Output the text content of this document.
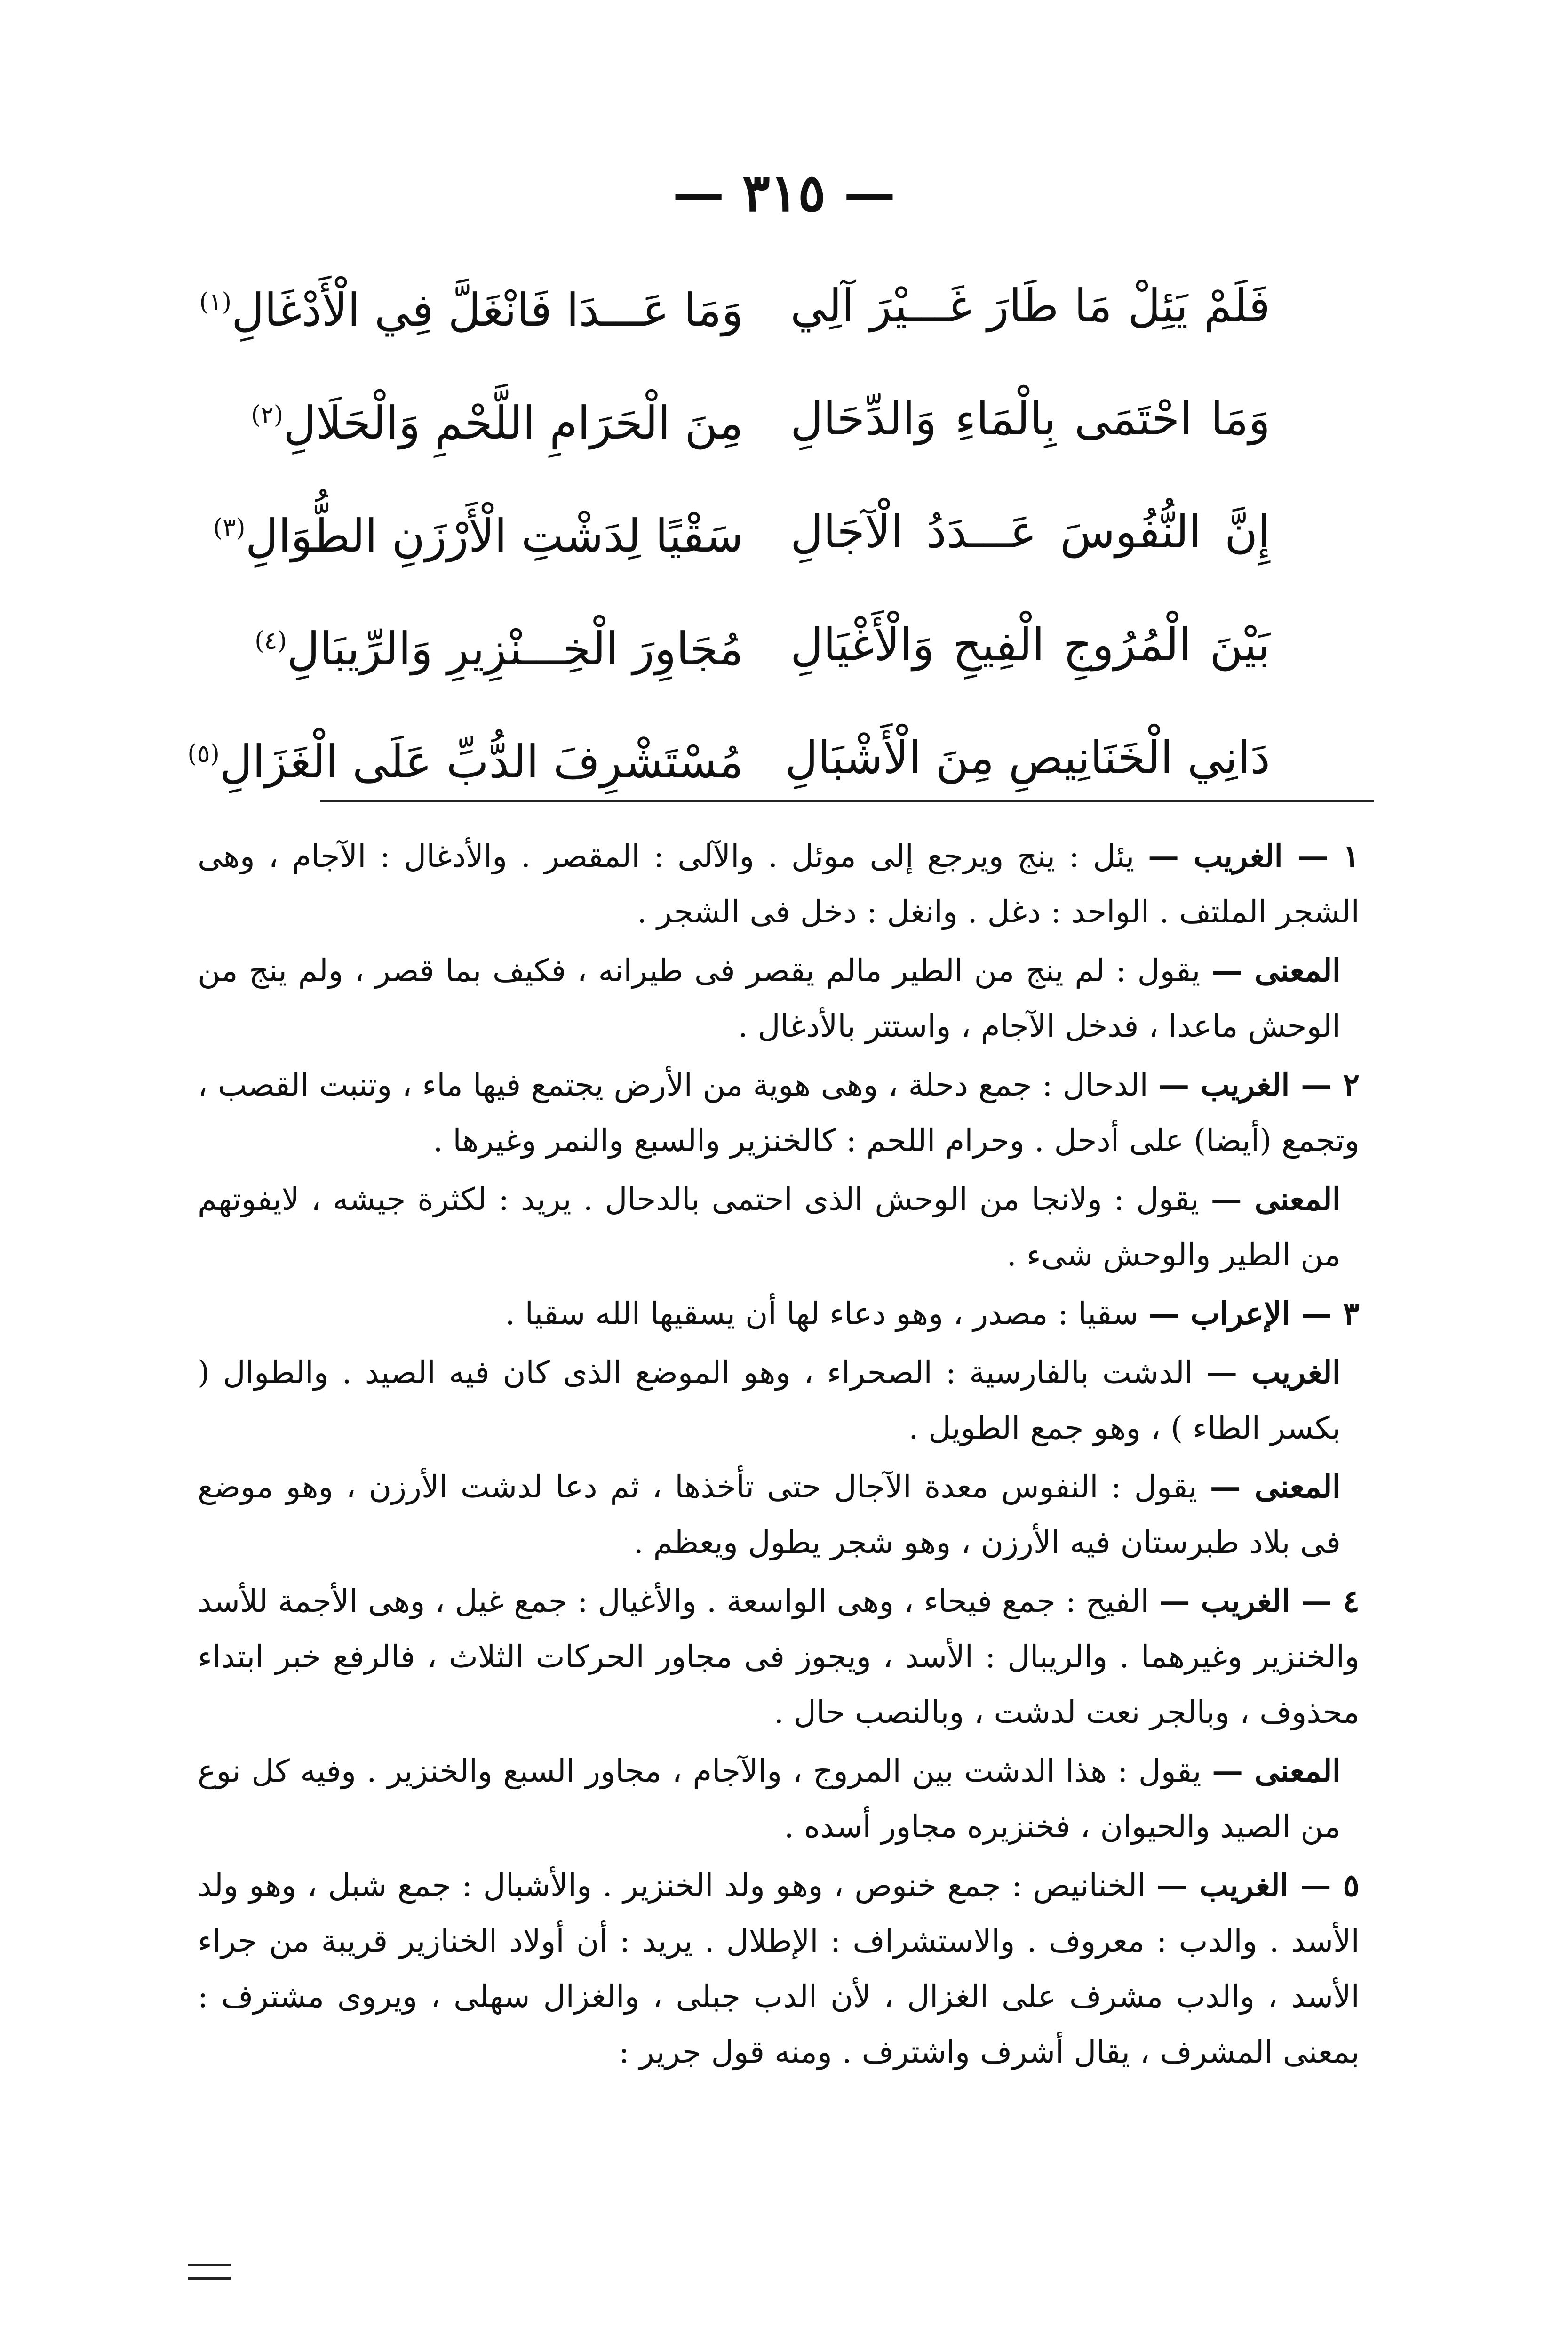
— ٣١٥ —
فَلَمْ يَئِلْ مَا طَارَ غَـــيْرَ آلِي
وَمَا عَـــدَا فَانْغَلَّ فِي الْأَدْغَالِ$^{(١)}$
وَمَا احْتَمَى بِالْمَاءِ وَالدِّحَالِ
مِنَ الْحَرَامِ اللَّحْمِ وَالْحَلَالِ$^{(٢)}$
إِنَّ النُّفُوسَ عَـــدَدُ الْآجَالِ
سَقْيًا لِدَشْتِ الْأَرْزَنِ الطُّوَالِ$^{(٣)}$
بَيْنَ الْمُرُوجِ الْفِيحِ وَالْأَغْيَالِ
مُجَاوِرَ الْخِـــنْزِيرِ وَالرِّيبَالِ$^{(٤)}$
دَانِي الْخَنَانِيصِ مِنَ الْأَشْبَالِ
مُسْتَشْرِفَ الدُّبِّ عَلَى الْغَزَالِ$^{(٥)}$

١ — الغريب — يئل : ينج ويرجع إلى موئل . والآلى : المقصر . والأدغال : الآجام ، وهى الشجر الملتف . الواحد : دغل . وانغل : دخل فى الشجر .

المعنى — يقول : لم ينج من الطير مالم يقصر فى طيرانه ، فكيف بما قصر ، ولم ينج من الوحش ماعدا ، فدخل الآجام ، واستتر بالأدغال .

٢ — الغريب — الدحال : جمع دحلة ، وهى هوية من الأرض يجتمع فيها ماء ، وتنبت القصب ، وتجمع (أيضا) على أدحل . وحرام اللحم : كالخنزير والسبع والنمر وغيرها .

المعنى — يقول : ولانجا من الوحش الذى احتمى بالدحال . يريد : لكثرة جيشه ، لايفوتهم من الطير والوحش شىء .

٣ — الإعراب — سقيا : مصدر ، وهو دعاء لها أن يسقيها الله سقيا .

الغريب — الدشت بالفارسية : الصحراء ، وهو الموضع الذى كان فيه الصيد . والطوال ( بكسر الطاء ) ، وهو جمع الطويل .

المعنى — يقول : النفوس معدة الآجال حتى تأخذها ، ثم دعا لدشت الأرزن ، وهو موضع فى بلاد طبرستان فيه الأرزن ، وهو شجر يطول ويعظم .

٤ — الغريب — الفيح : جمع فيحاء ، وهى الواسعة . والأغيال : جمع غيل ، وهى الأجمة للأسد والخنزير وغيرهما . والريبال : الأسد ، ويجوز فى مجاور الحركات الثلاث ، فالرفع خبر ابتداء محذوف ، وبالجر نعت لدشت ، وبالنصب حال .

المعنى — يقول : هذا الدشت بين المروج ، والآجام ، مجاور السبع والخنزير . وفيه كل نوع من الصيد والحيوان ، فخنزيره مجاور أسده .

٥ — الغريب — الخنانيص : جمع خنوص ، وهو ولد الخنزير . والأشبال : جمع شبل ، وهو ولد الأسد . والدب : معروف . والاستشراف : الإطلال . يريد : أن أولاد الخنازير قريبة من جراء الأسد ، والدب مشرف على الغزال ، لأن الدب جبلى ، والغزال سهلى ، ويروى مشترف : بمعنى المشرف ، يقال أشرف واشترف . ومنه قول جرير :
